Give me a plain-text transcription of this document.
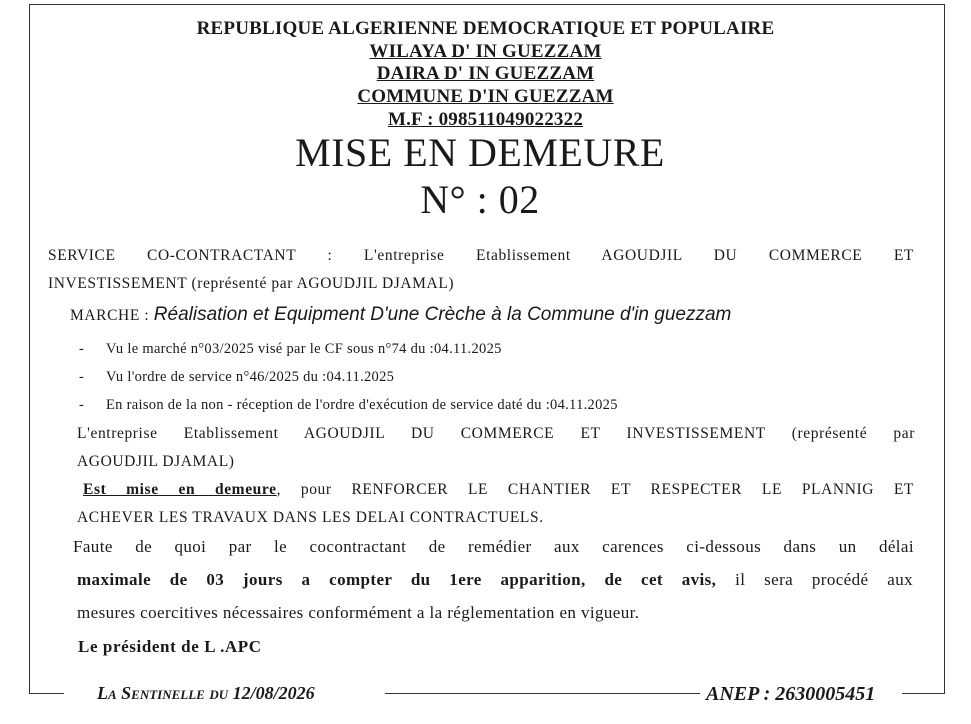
REPUBLIQUE ALGERIENNE DEMOCRATIQUE ET POPULAIRE
WILAYA D' IN GUEZZAM
DAIRA D' IN GUEZZAM
COMMUNE D'IN GUEZZAM
M.F : 098511049022322
MISE EN DEMEURE
N° : 02
SERVICE CO-CONTRACTANT : L'entreprise Etablissement AGOUDJIL DU COMMERCE ET
INVESTISSEMENT (représenté par AGOUDJIL DJAMAL)
MARCHE : Réalisation et Equipment D'une Crèche à la Commune d'in guezzam
- Vu le marché n°03/2025 visé par le CF sous n°74 du :04.11.2025
- Vu l'ordre de service n°46/2025 du :04.11.2025
- En raison de la non - réception de l'ordre d'exécution de service daté du :04.11.2025
L'entreprise Etablissement AGOUDJIL DU COMMERCE ET INVESTISSEMENT (représenté par
AGOUDJIL DJAMAL)
Est mise en demeure, pour RENFORCER LE CHANTIER ET RESPECTER LE PLANNIG ET
ACHEVER LES TRAVAUX DANS LES DELAI CONTRACTUELS.
Faute de quoi par le cocontractant de remédier aux carences ci-dessous dans un délai
maximale de 03 jours a compter du 1ere apparition, de cet avis, il sera procédé aux
mesures coercitives nécessaires conformément a la réglementation en vigueur.
Le président de L .APC
La Sentinelle du 12/08/2026	ANEP : 2630005451
